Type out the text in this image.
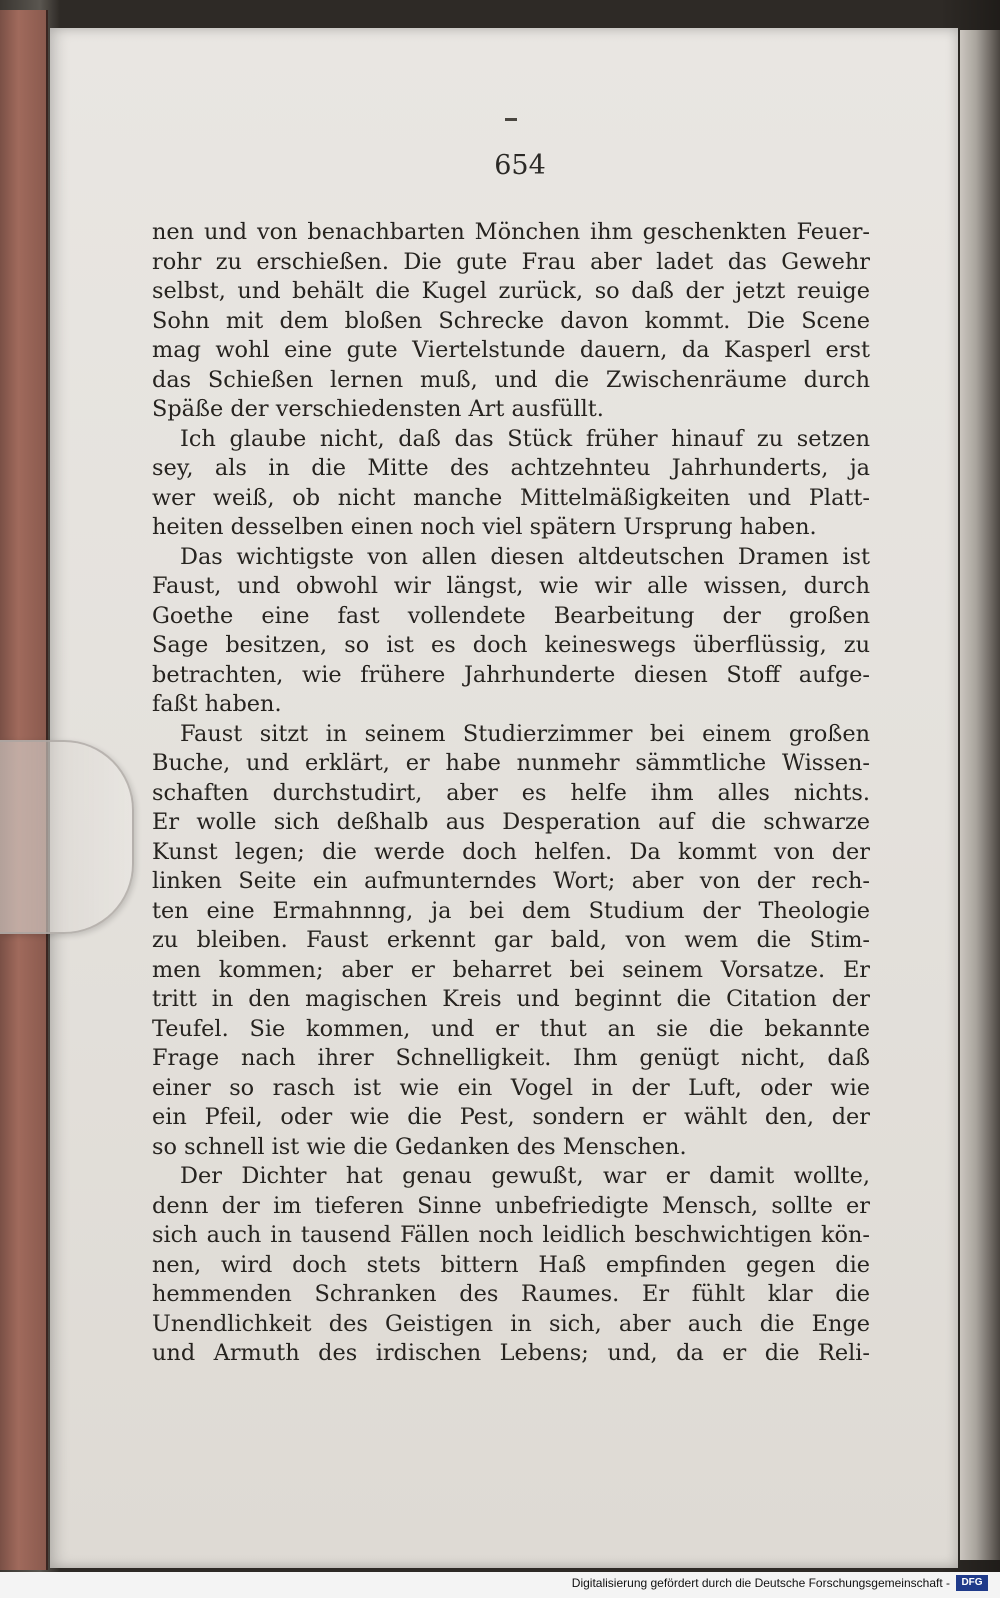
654
nen und von benachbarten Mönchen ihm geschenkten Feuer-
rohr zu erschießen. Die gute Frau aber ladet das Gewehr
selbst, und behält die Kugel zurück, so daß der jetzt reuige
Sohn mit dem bloßen Schrecke davon kommt. Die Scene
mag wohl eine gute Viertelstunde dauern, da Kasperl erst
das Schießen lernen muß, und die Zwischenräume durch
Späße der verschiedensten Art ausfüllt.
Ich glaube nicht, daß das Stück früher hinauf zu setzen
sey, als in die Mitte des achtzehnteu Jahrhunderts, ja
wer weiß, ob nicht manche Mittelmäßigkeiten und Platt-
heiten desselben einen noch viel spätern Ursprung haben.
Das wichtigste von allen diesen altdeutschen Dramen ist
Faust, und obwohl wir längst, wie wir alle wissen, durch
Goethe eine fast vollendete Bearbeitung der großen
Sage besitzen, so ist es doch keineswegs überflüssig, zu
betrachten, wie frühere Jahrhunderte diesen Stoff aufge-
faßt haben.
Faust sitzt in seinem Studierzimmer bei einem großen
Buche, und erklärt, er habe nunmehr sämmtliche Wissen-
schaften durchstudirt, aber es helfe ihm alles nichts.
Er wolle sich deßhalb aus Desperation auf die schwarze
Kunst legen; die werde doch helfen. Da kommt von der
linken Seite ein aufmunterndes Wort; aber von der rech-
ten eine Ermahnnng, ja bei dem Studium der Theologie
zu bleiben. Faust erkennt gar bald, von wem die Stim-
men kommen; aber er beharret bei seinem Vorsatze. Er
tritt in den magischen Kreis und beginnt die Citation der
Teufel. Sie kommen, und er thut an sie die bekannte
Frage nach ihrer Schnelligkeit. Ihm genügt nicht, daß
einer so rasch ist wie ein Vogel in der Luft, oder wie
ein Pfeil, oder wie die Pest, sondern er wählt den, der
so schnell ist wie die Gedanken des Menschen.
Der Dichter hat genau gewußt, war er damit wollte,
denn der im tieferen Sinne unbefriedigte Mensch, sollte er
sich auch in tausend Fällen noch leidlich beschwichtigen kön-
nen, wird doch stets bittern Haß empfinden gegen die
hemmenden Schranken des Raumes. Er fühlt klar die
Unendlichkeit des Geistigen in sich, aber auch die Enge
und Armuth des irdischen Lebens; und, da er die Reli-
Digitalisierung gefördert durch die Deutsche Forschungsgemeinschaft -	DFG
